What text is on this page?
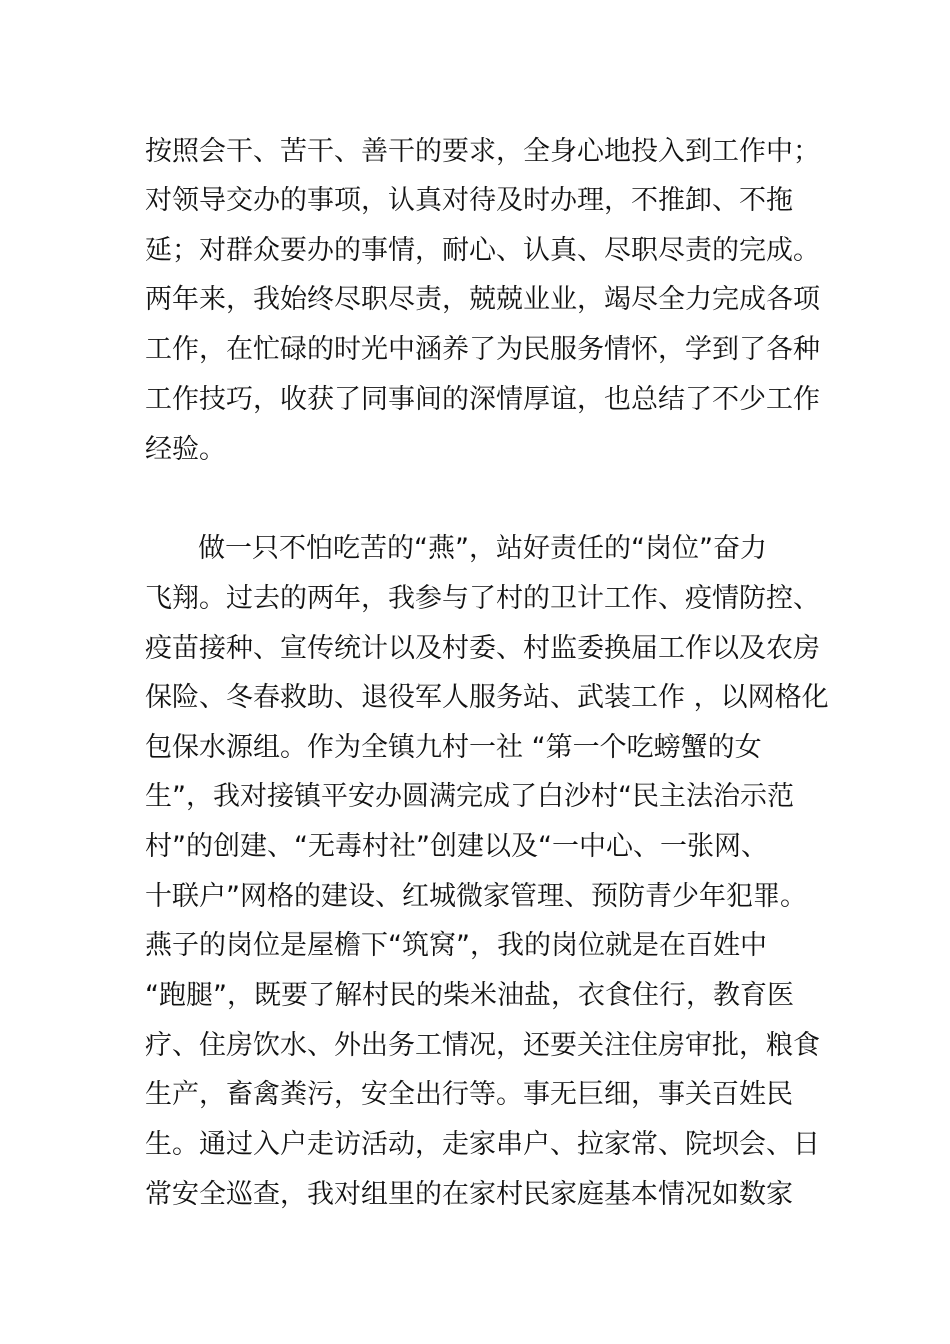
按照会干、苦干、善干的要求，全身心地投入到工作中；
对领导交办的事项，认真对待及时办理，不推卸、不拖
延；对群众要办的事情，耐心、认真、尽职尽责的完成。
两年来，我始终尽职尽责，兢兢业业，竭尽全力完成各项
工作，在忙碌的时光中涵养了为民服务情怀，学到了各种
工作技巧，收获了同事间的深情厚谊，也总结了不少工作
经验。
做一只不怕吃苦的“燕”，站好责任的“岗位”奋力
飞翔。过去的两年，我参与了村的卫计工作、疫情防控、
疫苗接种、宣传统计以及村委、村监委换届工作以及农房
保险、冬春救助、退役军人服务站、武装工作 ，以网格化
包保水源组。作为全镇九村一社 “第一个吃螃蟹的女
生”，我对接镇平安办圆满完成了白沙村“民主法治示范
村”的创建、“无毒村社”创建以及“一中心、一张网、
十联户”网格的建设、红城微家管理、预防青少年犯罪。
燕子的岗位是屋檐下“筑窝”，我的岗位就是在百姓中
“跑腿”，既要了解村民的柴米油盐，衣食住行，教育医
疗、住房饮水、外出务工情况，还要关注住房审批，粮食
生产，畜禽粪污，安全出行等。事无巨细，事关百姓民
生。通过入户走访活动，走家串户、拉家常、院坝会、日
常安全巡查，我对组里的在家村民家庭基本情况如数家
